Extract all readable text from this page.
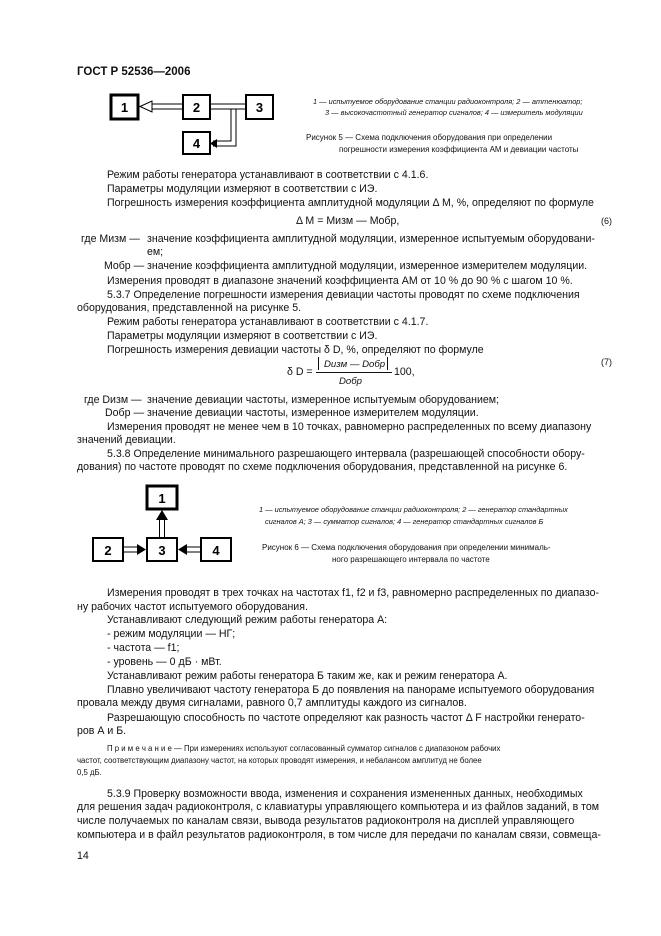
ГОСТ Р 52536—2006
1	2	3
4
1 — испытуемое оборудование станции радиоконтроля; 2 — аттенюатор;
3 — высокочастотный генератор сигналов; 4 — измеритель модуляции
Рисунок 5 — Схема подключения оборудования при определении
погрешности измерения коэффициента АМ и девиации частоты
Режим работы генератора устанавливают в соответствии с 4.1.6.
Параметры модуляции измеряют в соответствии с ИЭ.
Погрешность измерения коэффициента амплитудной модуляции Δ М, %, определяют по формуле
Δ М = Mизм — Mобр,	(6)
где Mизм — значение коэффициента амплитудной модуляции, измеренное испытуемым оборудовани-
ем;
Mобр — значение коэффициента амплитудной модуляции, измеренное измерителем модуляции.
Измерения проводят в диапазоне значений коэффициента АМ от 10 % до 90 % с шагом 10 %.
5.3.7 Определение погрешности измерения девиации частоты проводят по схеме подключения
оборудования, представленной на рисунке 5.
Режим работы генератора устанавливают в соответствии с 4.1.7.
Параметры модуляции измеряют в соответствии с ИЭ.
Погрешность измерения девиации частоты δ D, %, определяют по формуле
δ D =
Dизм — Dобр
Dобр
100,
(7)
где Dизм — значение девиации частоты, измеренное испытуемым оборудованием;
Dобр — значение девиации частоты, измеренное измерителем модуляции.
Измерения проводят не менее чем в 10 точках, равномерно распределенных по всему диапазону
значений девиации.
5.3.8 Определение минимального разрешающего интервала (разрешающей способности обору-
дования) по частоте проводят по схеме подключения оборудования, представленной на рисунке 6.
1
2	3	4
1 — испытуемое оборудование станции радиоконтроля; 2 — генератор стандартных
сигналов А; 3 — сумматор сигналов; 4 — генератор стандартных сигналов Б
Рисунок 6 — Схема подключения оборудования при определении минималь-
ного разрешающего интервала по частоте
Измерения проводят в трех точках на частотах f1, f2 и f3, равномерно распределенных по диапазо-
ну рабочих частот испытуемого оборудования.
Устанавливают следующий режим работы генератора А:
- режим модуляции — НГ;
- частота — f1;
- уровень — 0 дБ · мВт.
Устанавливают режим работы генератора Б таким же, как и режим генератора А.
Плавно увеличивают частоту генератора Б до появления на панораме испытуемого оборудования
провала между двумя сигналами, равного 0,7 амплитуды каждого из сигналов.
Разрешающую способность по частоте определяют как разность частот Δ F настройки генерато-
ров А и Б.
П р и м е ч а н и е — При измерениях используют согласованный сумматор сигналов с диапазоном рабочих
частот, соответствующим диапазону частот, на которых проводят измерения, и небалансом амплитуд не более
0,5 дБ.
5.3.9 Проверку возможности ввода, изменения и сохранения измененных данных, необходимых
для решения задач радиоконтроля, с клавиатуры управляющего компьютера и из файлов заданий, в том
числе получаемых по каналам связи, вывода результатов радиоконтроля на дисплей управляющего
компьютера и в файл результатов радиоконтроля, в том числе для передачи по каналам связи, совмеща-
14
